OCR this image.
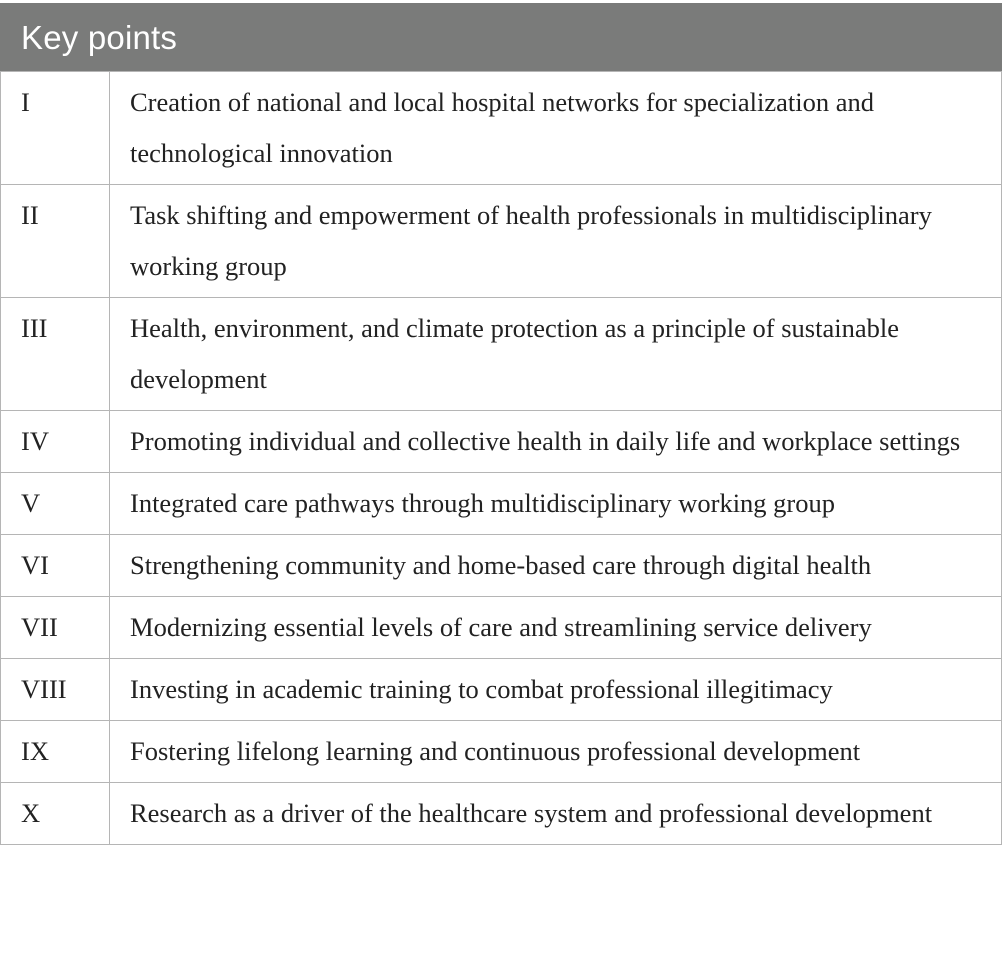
Key points
I	Creation of national and local hospital networks for specialization and technological innovation
II	Task shifting and empowerment of health professionals in multidisciplinary working group
III	Health, environment, and climate protection as a principle of sustainable development
IV	Promoting individual and collective health in daily life and workplace settings
V	Integrated care pathways through multidisciplinary working group
VI	Strengthening community and home-based care through digital health
VII	Modernizing essential levels of care and streamlining service delivery
VIII	Investing in academic training to combat professional illegitimacy
IX	Fostering lifelong learning and continuous professional development
X	Research as a driver of the healthcare system and professional development
